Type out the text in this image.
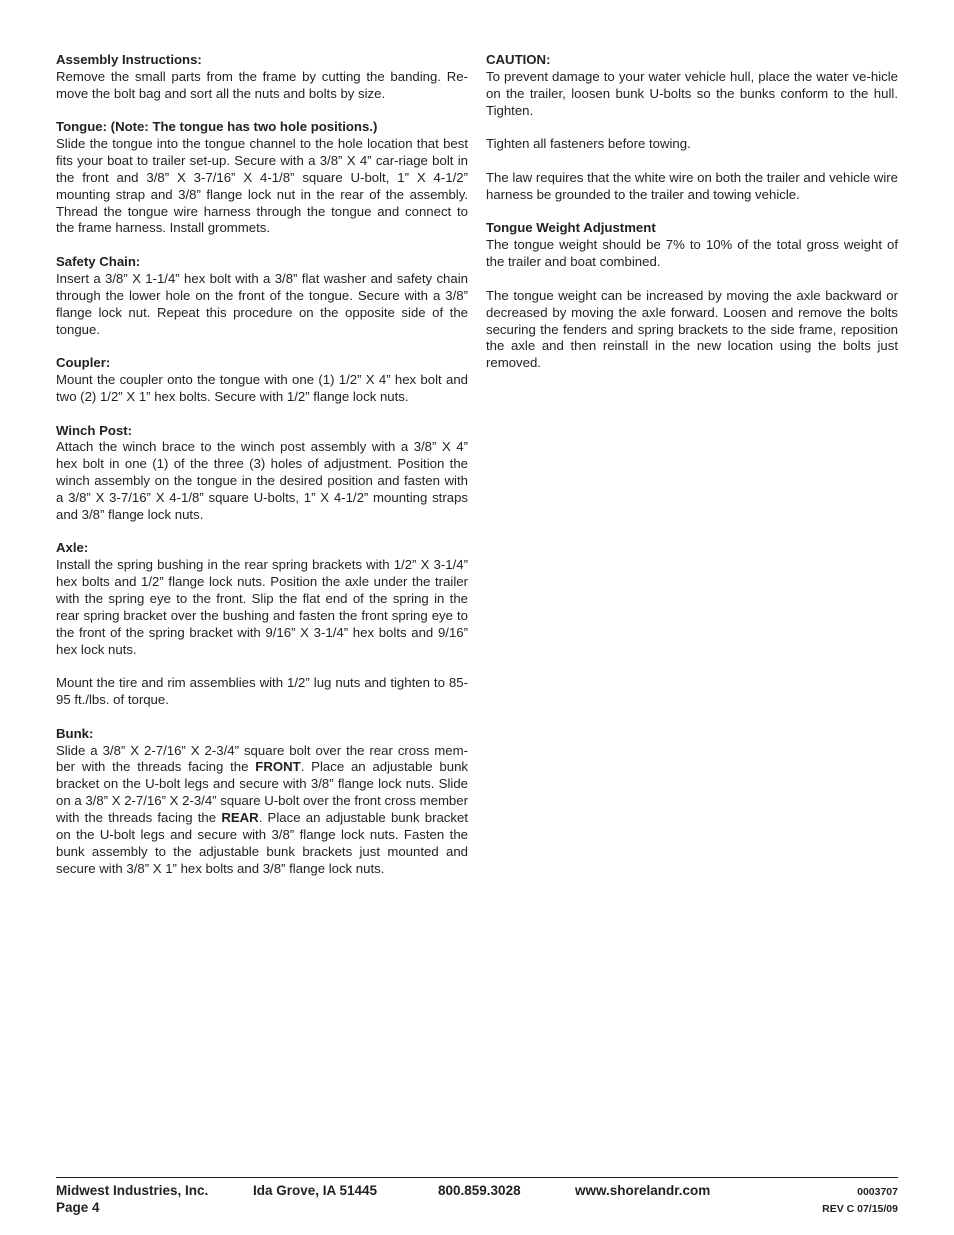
Assembly Instructions:
Remove the small parts from the frame by cutting the banding. Re-move the bolt bag and sort all the nuts and bolts by size.
Tongue: (Note: The tongue has two hole positions.)
Slide the tongue into the tongue channel to the hole location that best fits your boat to trailer set-up. Secure with a 3/8” X 4” car-riage bolt in the front and 3/8” X 3-7/16” X 4-1/8” square U-bolt, 1” X 4-1/2” mounting strap and 3/8” flange lock nut in the rear of the assembly. Thread the tongue wire harness through the tongue and connect to the frame harness. Install grommets.
Safety Chain:
Insert a 3/8” X 1-1/4” hex bolt with a 3/8” flat washer and safety chain through the lower hole on the front of the tongue. Secure with a 3/8” flange lock nut. Repeat this procedure on the opposite side of the tongue.
Coupler:
Mount the coupler onto the tongue with one (1) 1/2” X 4” hex bolt and two (2) 1/2” X 1” hex bolts. Secure with 1/2” flange lock nuts.
Winch Post:
Attach the winch brace to the winch post assembly with a 3/8” X 4” hex bolt in one (1) of the three (3) holes of adjustment. Position the winch assembly on the tongue in the desired position and fasten with a 3/8” X 3-7/16” X 4-1/8” square U-bolts, 1” X 4-1/2” mounting straps and 3/8” flange lock nuts.
Axle:
Install the spring bushing in the rear spring brackets with 1/2” X 3-1/4” hex bolts and 1/2” flange lock nuts. Position the axle under the trailer with the spring eye to the front. Slip the flat end of the spring in the rear spring bracket over the bushing and fasten the front spring eye to the front of the spring bracket with 9/16” X 3-1/4” hex bolts and 9/16” hex lock nuts.
Mount the tire and rim assemblies with 1/2” lug nuts and tighten to 85-95 ft./lbs. of torque.
Bunk:
Slide a 3/8” X 2-7/16” X 2-3/4” square bolt over the rear cross mem-ber with the threads facing the FRONT. Place an adjustable bunk bracket on the U-bolt legs and secure with 3/8” flange lock nuts. Slide on a 3/8” X 2-7/16” X 2-3/4” square U-bolt over the front cross member with the threads facing the REAR. Place an adjustable bunk bracket on the U-bolt legs and secure with 3/8” flange lock nuts. Fasten the bunk assembly to the adjustable bunk brackets just mounted and secure with 3/8” X 1” hex bolts and 3/8” flange lock nuts.
CAUTION:
To prevent damage to your water vehicle hull, place the water ve-hicle on the trailer, loosen bunk U-bolts so the bunks conform to the hull. Tighten.
Tighten all fasteners before towing.
The law requires that the white wire on both the trailer and vehicle wire harness be grounded to the trailer and towing vehicle.
Tongue Weight Adjustment
The tongue weight should be 7% to 10% of the total gross weight of the trailer and boat combined.
The tongue weight can be increased by moving the axle backward or decreased by moving the axle forward. Loosen and remove the bolts securing the fenders and spring brackets to the side frame, reposition the axle and then reinstall in the new location using the bolts just removed.
Midwest Industries, Inc.	Ida Grove, IA 51445	800.859.3028	www.shorelandr.com	0003707
Page 4	REV C 07/15/09
